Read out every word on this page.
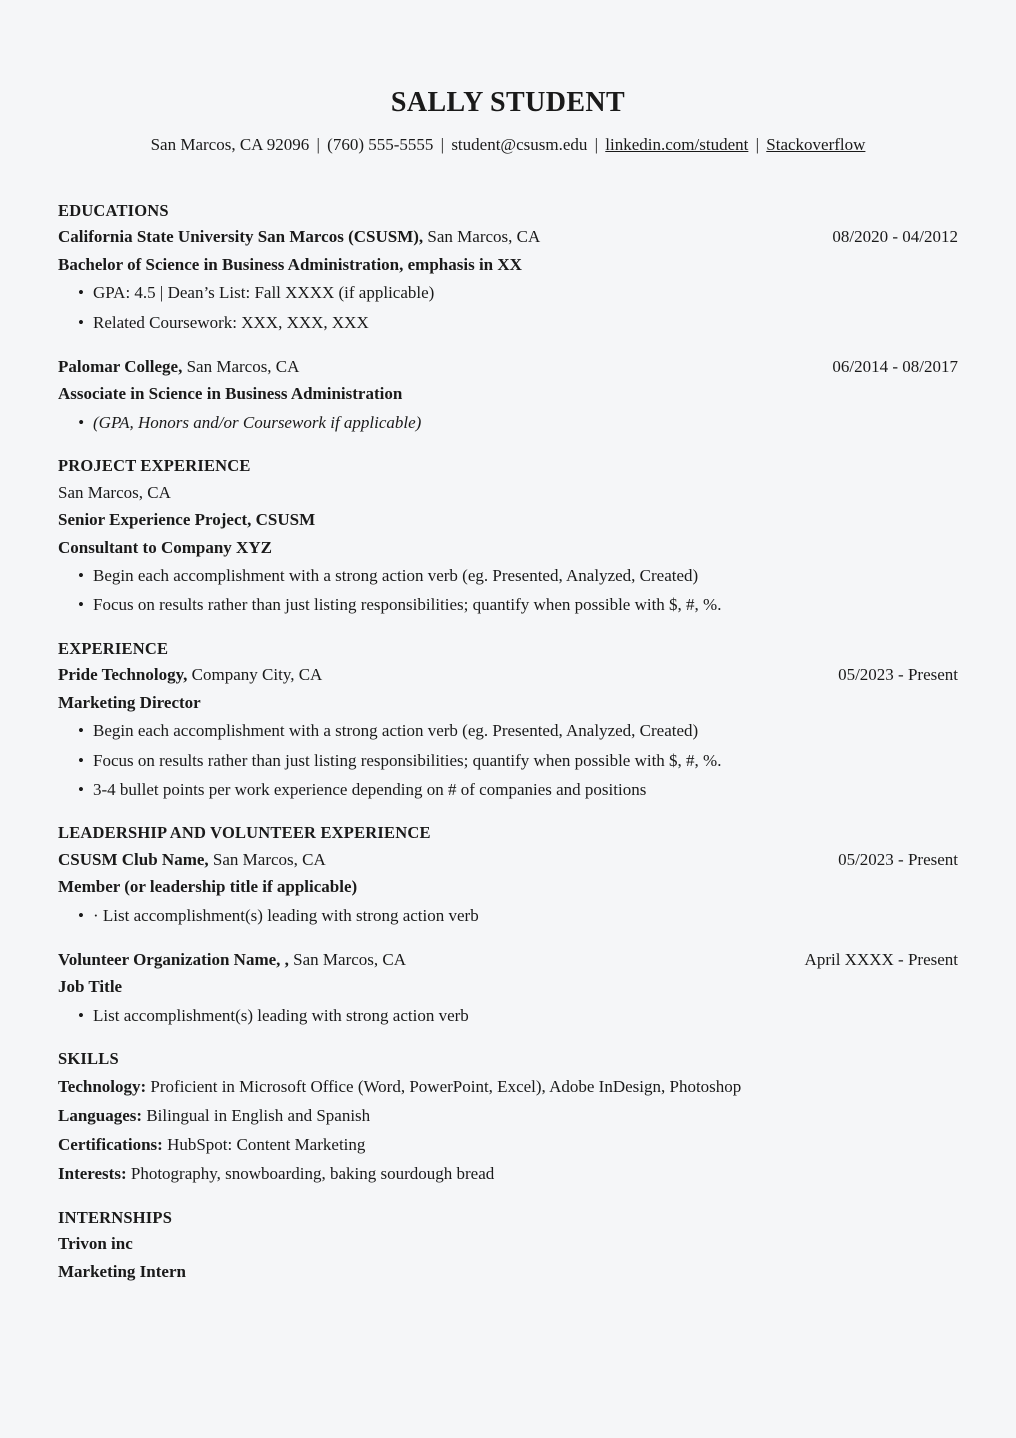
SALLY STUDENT
San Marcos, CA 92096 | (760) 555-5555 | student@csusm.edu | linkedin.com/student | Stackoverflow
EDUCATIONS
California State University San Marcos (CSUSM), San Marcos, CA	08/2020 - 04/2012
Bachelor of Science in Business Administration, emphasis in XX
• GPA: 4.5 | Dean’s List: Fall XXXX (if applicable)
• Related Coursework: XXX, XXX, XXX
Palomar College, San Marcos, CA	06/2014 - 08/2017
Associate in Science in Business Administration
• (GPA, Honors and/or Coursework if applicable)
PROJECT EXPERIENCE
San Marcos, CA
Senior Experience Project, CSUSM
Consultant to Company XYZ
• Begin each accomplishment with a strong action verb (eg. Presented, Analyzed, Created)
• Focus on results rather than just listing responsibilities; quantify when possible with $, #, %.
EXPERIENCE
Pride Technology, Company City, CA	05/2023 - Present
Marketing Director
• Begin each accomplishment with a strong action verb (eg. Presented, Analyzed, Created)
• Focus on results rather than just listing responsibilities; quantify when possible with $, #, %.
• 3-4 bullet points per work experience depending on # of companies and positions
LEADERSHIP AND VOLUNTEER EXPERIENCE
CSUSM Club Name, San Marcos, CA	05/2023 - Present
Member (or leadership title if applicable)
• · List accomplishment(s) leading with strong action verb
Volunteer Organization Name, , San Marcos, CA	April XXXX - Present
Job Title
• List accomplishment(s) leading with strong action verb
SKILLS
Technology: Proficient in Microsoft Office (Word, PowerPoint, Excel), Adobe InDesign, Photoshop
Languages: Bilingual in English and Spanish
Certifications: HubSpot: Content Marketing
Interests: Photography, snowboarding, baking sourdough bread
INTERNSHIPS
Trivon inc
Marketing Intern
